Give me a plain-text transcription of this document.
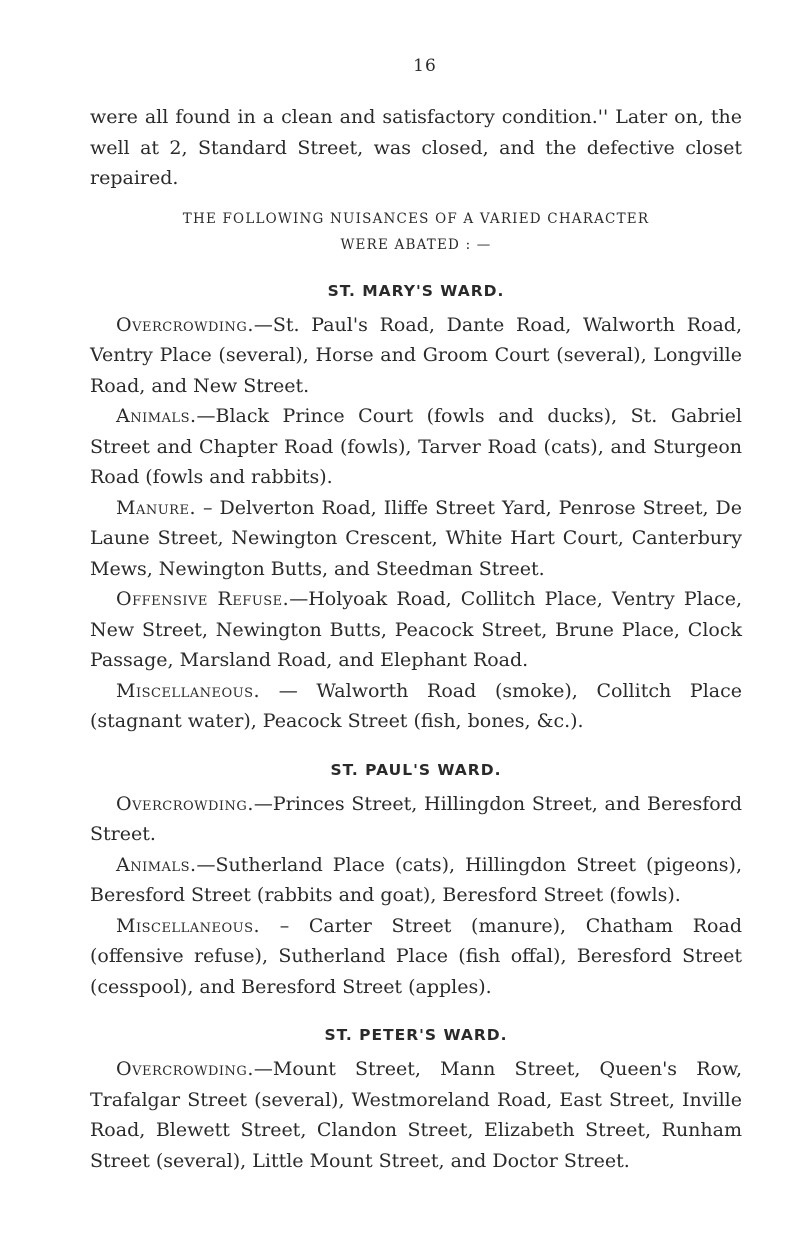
16

were all found in a clean and satisfactory condition.'' Later on, the well at 2, Standard Street, was closed, and the defective closet repaired.

THE FOLLOWING NUISANCES OF A VARIED CHARACTER
WERE ABATED : —
ST. MARY'S WARD.

Overcrowding.—St. Paul's Road, Dante Road, Walworth Road, Ventry Place (several), Horse and Groom Court (several), Longville Road, and New Street.

Animals.—Black Prince Court (fowls and ducks), St. Gabriel Street and Chapter Road (fowls), Tarver Road (cats), and Sturgeon Road (fowls and rabbits).

Manure. – Delverton Road, Iliffe Street Yard, Penrose Street, De Laune Street, Newington Crescent, White Hart Court, Canterbury Mews, Newington Butts, and Steedman Street.

Offensive Refuse.—Holyoak Road, Collitch Place, Ventry Place, New Street, Newington Butts, Peacock Street, Brune Place, Clock Passage, Marsland Road, and Elephant Road.

Miscellaneous. — Walworth Road (smoke), Collitch Place (stagnant water), Peacock Street (fish, bones, &c.).

ST. PAUL'S WARD.

Overcrowding.—Princes Street, Hillingdon Street, and Beresford Street.

Animals.—Sutherland Place (cats), Hillingdon Street (pigeons), Beresford Street (rabbits and goat), Beresford Street (fowls).

Miscellaneous. – Carter Street (manure), Chatham Road (offensive refuse), Sutherland Place (fish offal), Beresford Street (cesspool), and Beresford Street (apples).

ST. PETER'S WARD.

Overcrowding.—Mount Street, Mann Street, Queen's Row, Trafalgar Street (several), Westmoreland Road, East Street, Inville Road, Blewett Street, Clandon Street, Elizabeth Street, Runham Street (several), Little Mount Street, and Doctor Street.
